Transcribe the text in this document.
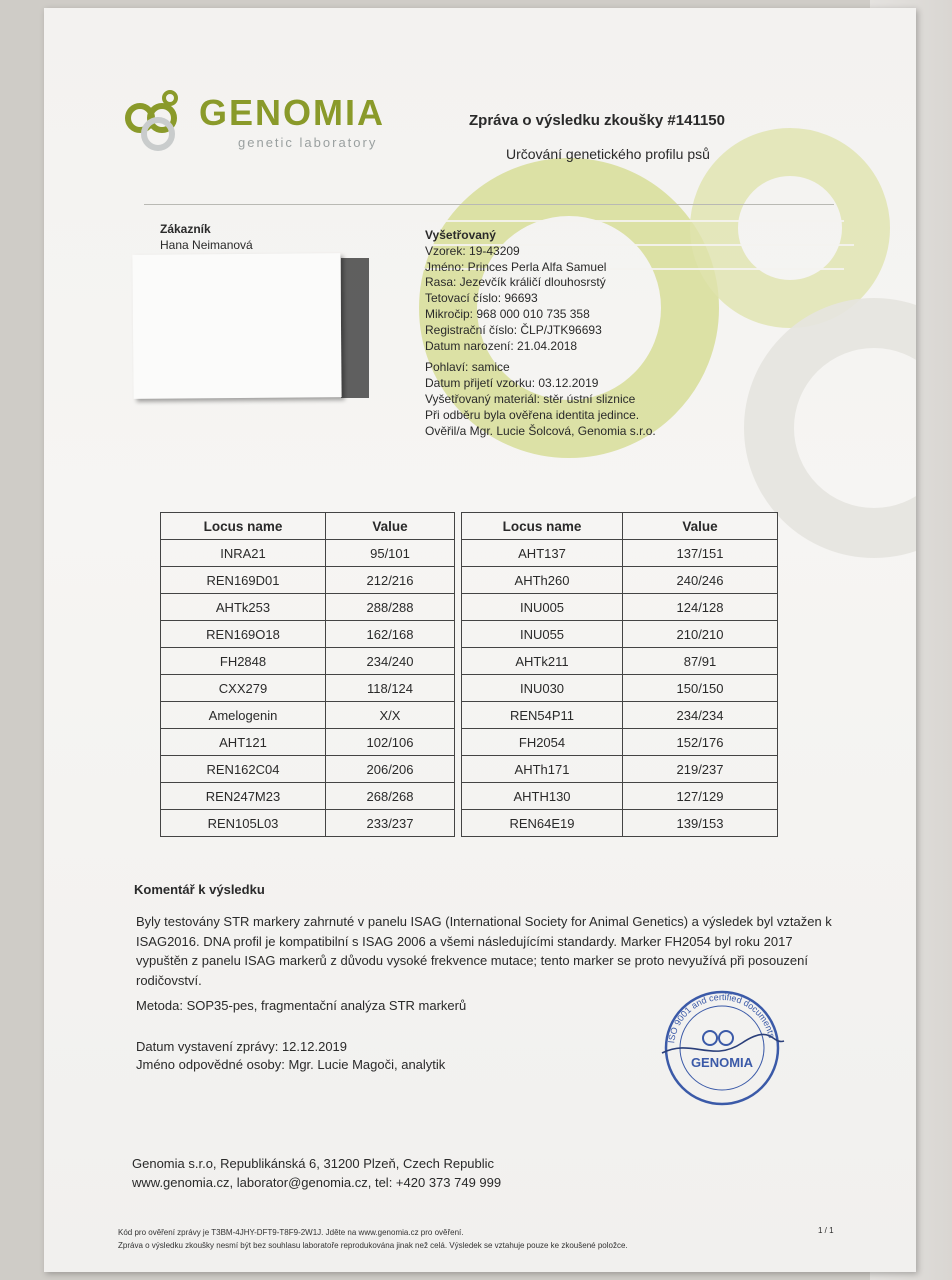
GENOMIA
genetic laboratory
Zpráva o výsledku zkoušky #141150
Určování genetického profilu psů
Zákazník
Hana Neimanová
Vyšetřovaný
Vzorek: 19-43209
Jméno: Princes Perla Alfa Samuel
Rasa: Jezevčík králičí dlouhosrstý
Tetovací číslo: 96693
Mikročip: 968 000 010 735 358
Registrační číslo: ČLP/JTK96693
Datum narození: 21.04.2018
Pohlaví: samice
Datum přijetí vzorku: 03.12.2019
Vyšetřovaný materiál: stěr ústní sliznice
Při odběru byla ověřena identita jedince.
Ověřil/a Mgr. Lucie Šolcová, Genomia s.r.o.
Locus name	Value		Locus name	Value
INRA21	95/101		AHT137	137/151
REN169D01	212/216		AHTh260	240/246
AHTk253	288/288		INU005	124/128
REN169O18	162/168		INU055	210/210
FH2848	234/240		AHTk211	87/91
CXX279	118/124		INU030	150/150
Amelogenin	X/X		REN54P11	234/234
AHT121	102/106		FH2054	152/176
REN162C04	206/206		AHTh171	219/237
REN247M23	268/268		AHTH130	127/129
REN105L03	233/237		REN64E19	139/153
Komentář k výsledku
Byly testovány STR markery zahrnuté v panelu ISAG (International Society for Animal Genetics) a výsledek byl vztažen k ISAG2016. DNA profil je kompatibilní s ISAG 2006 a všemi následujícími standardy. Marker FH2054 byl roku 2017 vypuštěn z panelu ISAG markerů z důvodu vysoké frekvence mutace; tento marker se proto nevyužívá při posouzení rodičovství.
Metoda: SOP35-pes, fragmentační analýza STR markerů
Datum vystavení zprávy: 12.12.2019
Jméno odpovědné osoby: Mgr. Lucie Magoči, analytik
ISO 9001 and certified documents
GENOMIA
Genomia s.r.o, Republikánská 6, 31200 Plzeň, Czech Republic
www.genomia.cz, laborator@genomia.cz, tel: +420 373 749 999
Kód pro ověření zprávy je T3BM-4JHY-DFT9-T8F9-2W1J. Jděte na www.genomia.cz pro ověření.
Zpráva o výsledku zkoušky nesmí být bez souhlasu laboratoře reprodukována jinak než celá. Výsledek se vztahuje pouze ke zkoušené položce.
1 / 1
